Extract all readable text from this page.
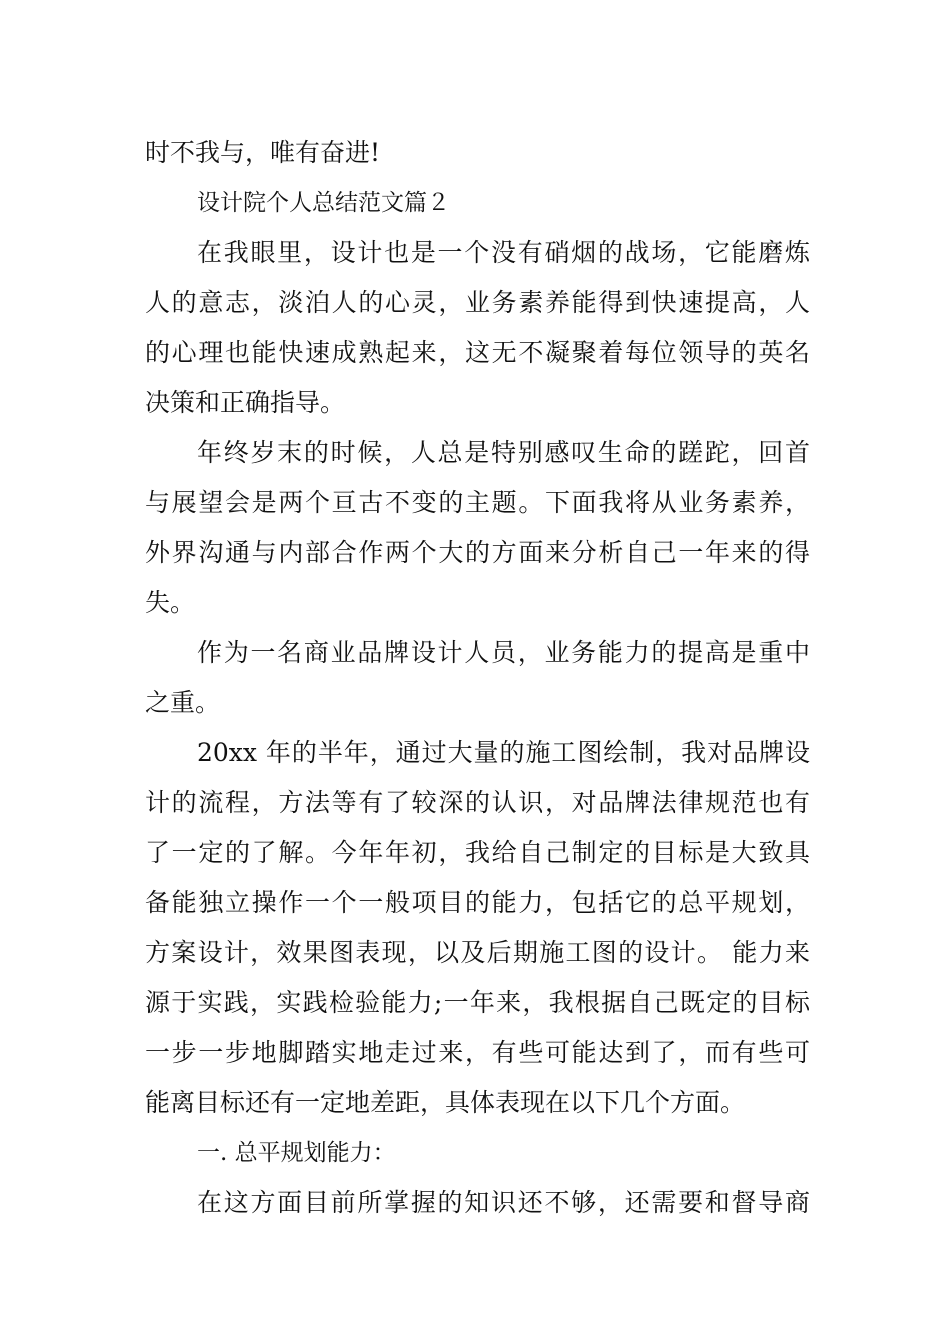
时不我与，唯有奋进!
设计院个人总结范文篇２
在我眼里，设计也是一个没有硝烟的战场，它能磨炼
人的意志，淡泊人的心灵，业务素养能得到快速提高，人
的心理也能快速成熟起来，这无不凝聚着每位领导的英名
决策和正确指导。
年终岁末的时候，人总是特别感叹生命的蹉跎，回首
与展望会是两个亘古不变的主题。下面我将从业务素养，
外界沟通与内部合作两个大的方面来分析自己一年来的得
失。
作为一名商业品牌设计人员，业务能力的提高是重中
之重。
20xx 年的半年，通过大量的施工图绘制，我对品牌设
计的流程，方法等有了较深的认识，对品牌法律规范也有
了一定的了解。今年年初，我给自己制定的目标是大致具
备能独立操作一个一般项目的能力，包括它的总平规划，
方案设计，效果图表现，以及后期施工图的设计。 能力来
源于实践，实践检验能力;一年来，我根据自己既定的目标
一步一步地脚踏实地走过来，有些可能达到了，而有些可
能离目标还有一定地差距，具体表现在以下几个方面。
一. 总平规划能力：
在这方面目前所掌握的知识还不够，还需要和督导商
